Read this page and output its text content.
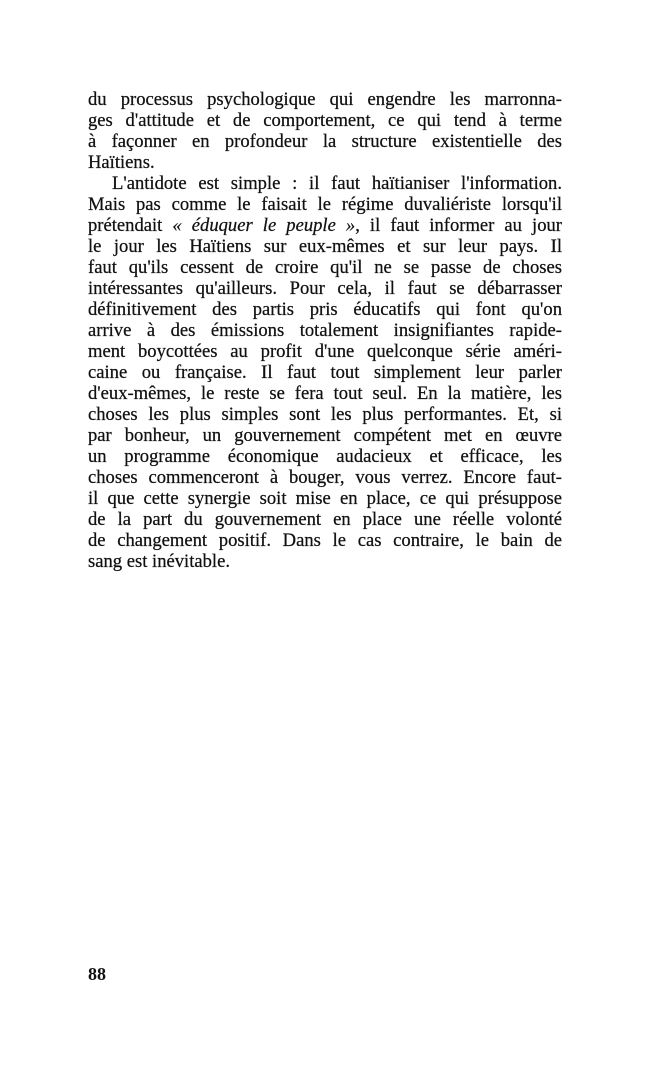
du processus psychologique qui engendre les marronna-
ges d'attitude et de comportement, ce qui tend à terme
à façonner en profondeur la structure existentielle des
Haïtiens.
L'antidote est simple : il faut haïtianiser l'information.
Mais pas comme le faisait le régime duvaliériste lorsqu'il
prétendait « éduquer le peuple », il faut informer au jour
le jour les Haïtiens sur eux-mêmes et sur leur pays. Il
faut qu'ils cessent de croire qu'il ne se passe de choses
intéressantes qu'ailleurs. Pour cela, il faut se débarrasser
définitivement des partis pris éducatifs qui font qu'on
arrive à des émissions totalement insignifiantes rapide-
ment boycottées au profit d'une quelconque série améri-
caine ou française. Il faut tout simplement leur parler
d'eux-mêmes, le reste se fera tout seul. En la matière, les
choses les plus simples sont les plus performantes. Et, si
par bonheur, un gouvernement compétent met en œuvre
un programme économique audacieux et efficace, les
choses commenceront à bouger, vous verrez. Encore faut-
il que cette synergie soit mise en place, ce qui présuppose
de la part du gouvernement en place une réelle volonté
de changement positif. Dans le cas contraire, le bain de
sang est inévitable.
88
